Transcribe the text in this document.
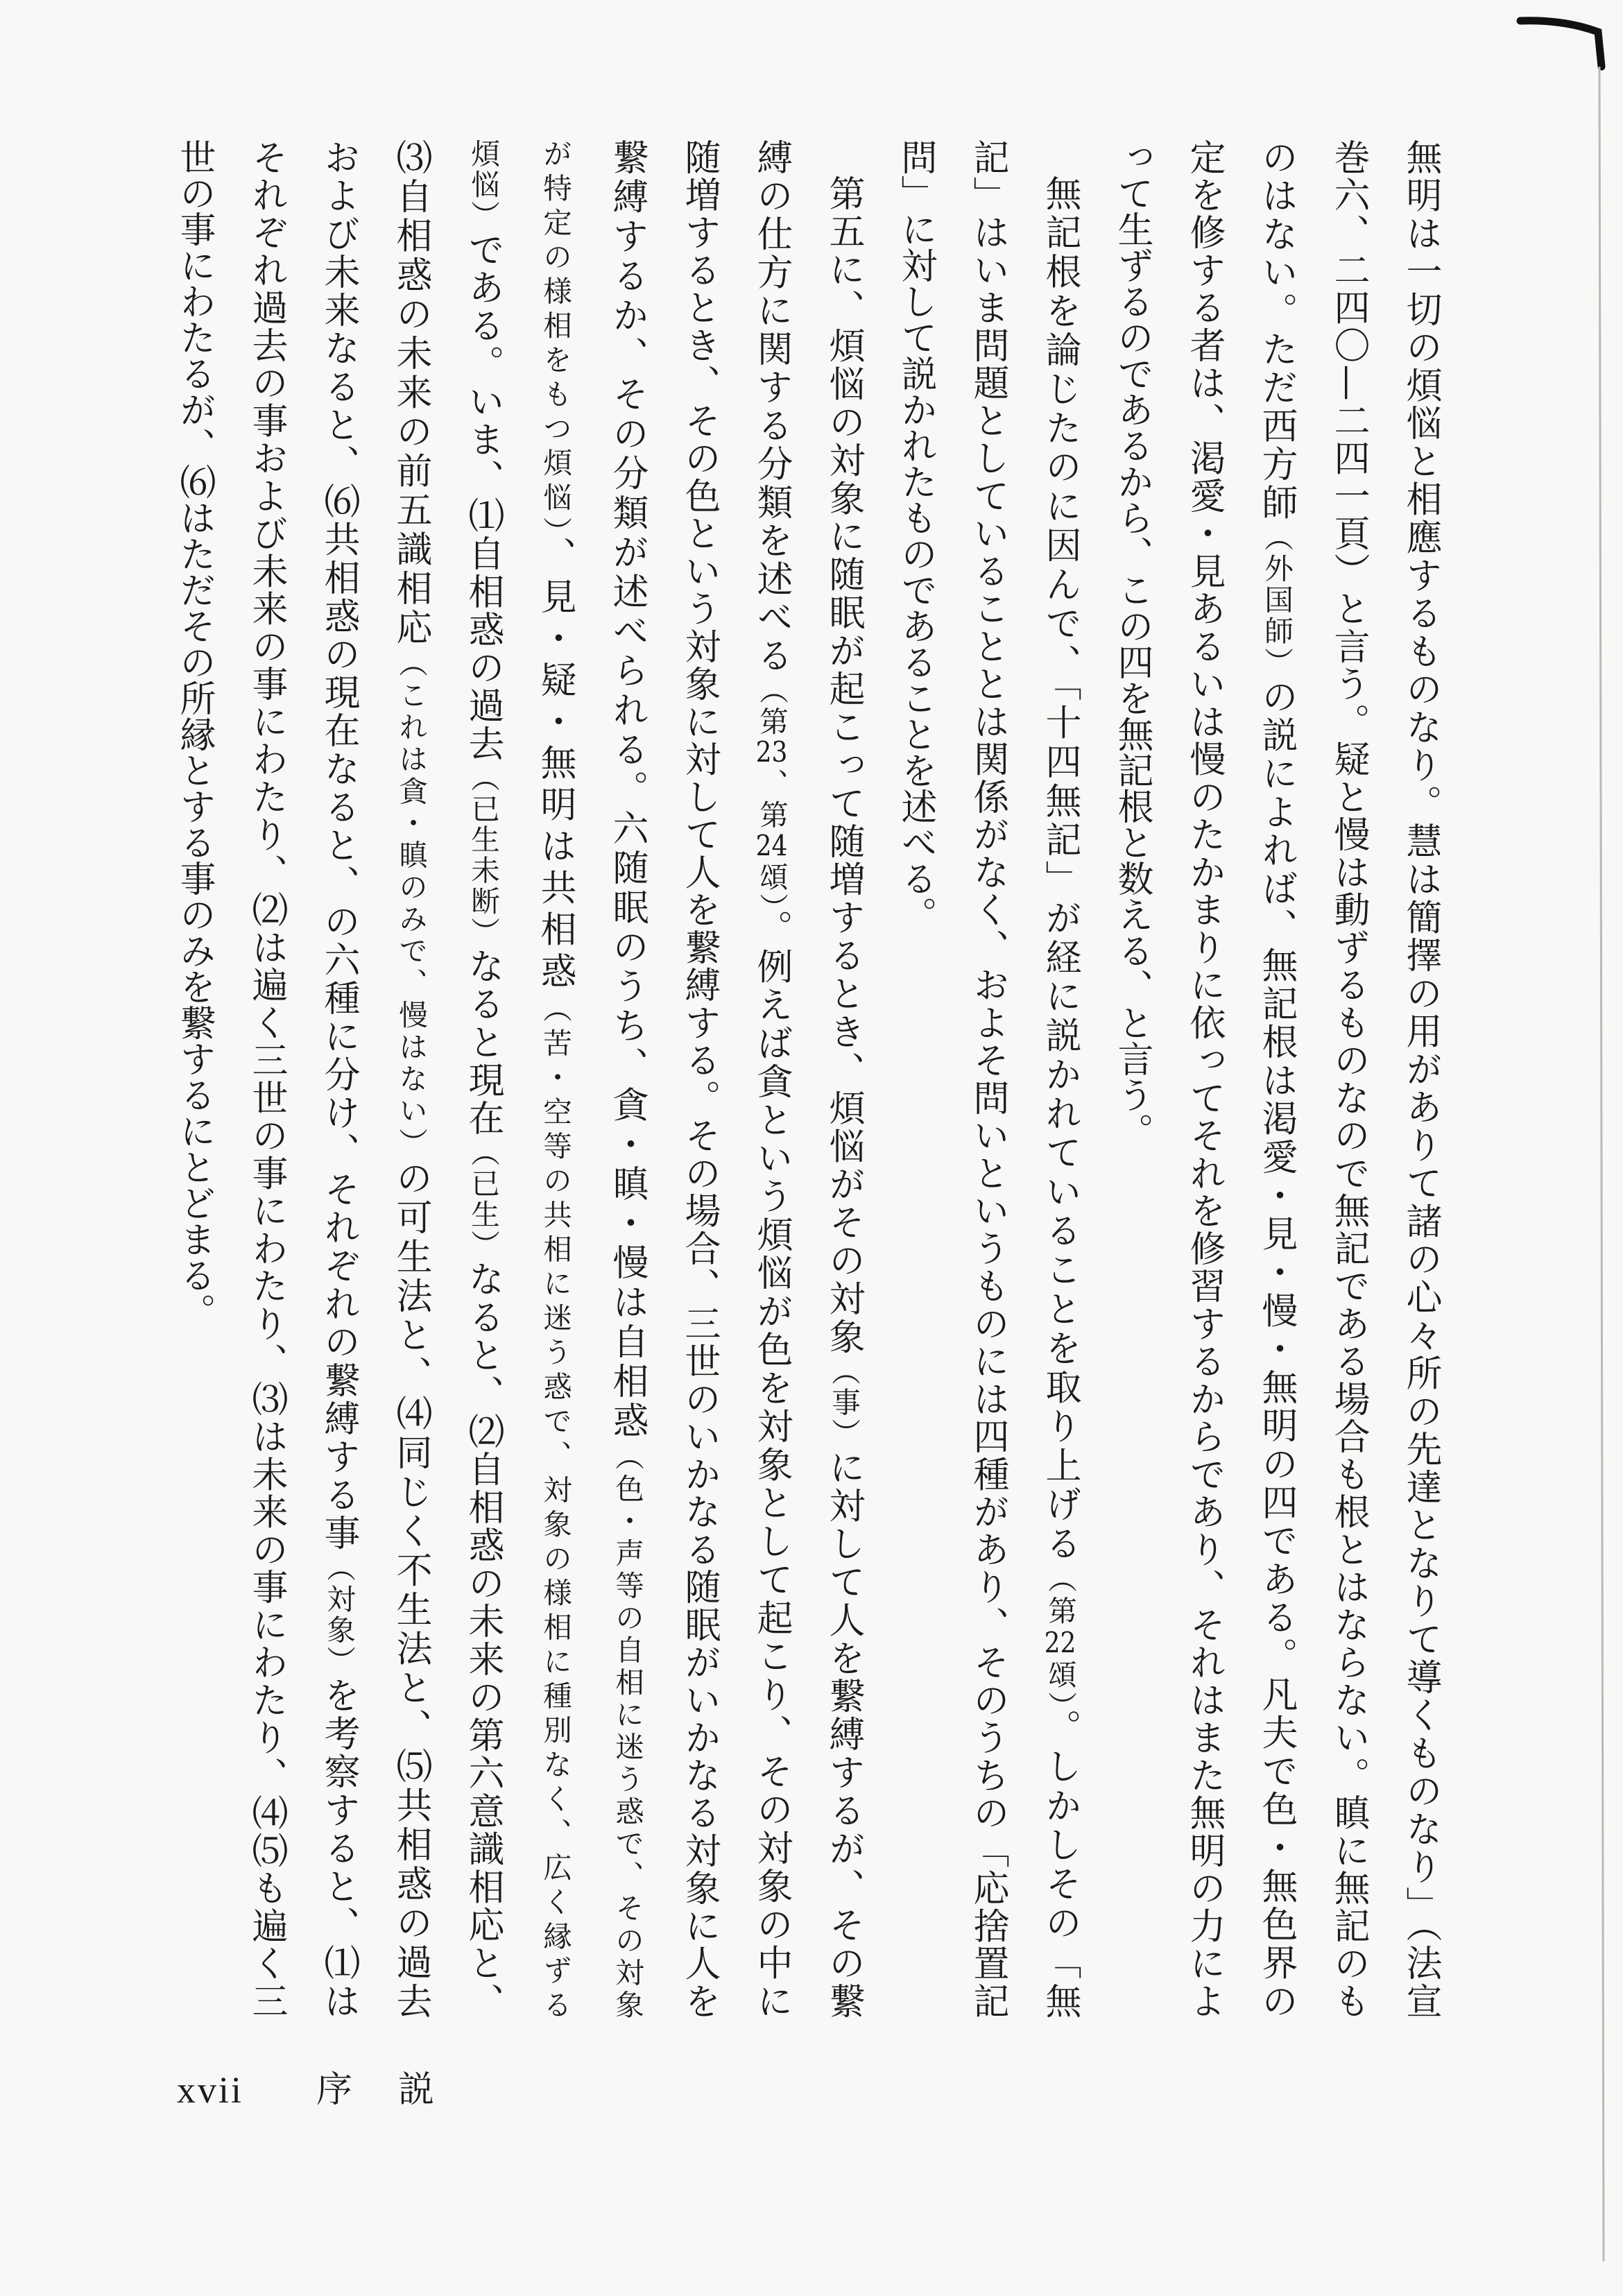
無明は一切の煩悩と相應するものなり。慧は簡擇の用がありて諸の心々所の先達となりて導くものなり」（法宣
巻六、二四〇—二四一頁）と言う。疑と慢は動ずるものなので無記である場合も根とはならない。瞋に無記のも
のはない。ただ西方師（外国師）の説によれば、無記根は渇愛・見・慢・無明の四である。凡夫で色・無色界の
定を修する者は、渇愛・見あるいは慢のたかまりに依ってそれを修習するからであり、それはまた無明の力によ
って生ずるのであるから、この四を無記根と数える、と言う。
無記根を論じたのに因んで、「十四無記」が経に説かれていることを取り上げる（第22頌）。しかしその「無
記」はいま問題としていることとは関係がなく、およそ問いというものには四種があり、そのうちの「応捨置記
問」に対して説かれたものであることを述べる。
第五に、煩悩の対象に随眠が起こって随増するとき、煩悩がその対象（事）に対して人を繋縛するが、その繋
縛の仕方に関する分類を述べる（第23、第24頌）。例えば貪という煩悩が色を対象として起こり、その対象の中に
随増するとき、その色という対象に対して人を繋縛する。その場合、三世のいかなる随眠がいかなる対象に人を
繋縛するか、その分類が述べられる。六随眠のうち、貪・瞋・慢は自相惑（色・声等の自相に迷う惑で、その対象
が特定の様相をもつ煩悩）、見・疑・無明は共相惑（苦・空等の共相に迷う惑で、対象の様相に種別なく、広く縁ずる
煩悩）である。いま、⑴自相惑の過去（已生未断）なると現在（已生）なると、⑵自相惑の未来の第六意識相応と、
⑶自相惑の未来の前五識相応（これは貪・瞋のみで、慢はない）の可生法と、⑷同じく不生法と、⑸共相惑の過去
および未来なると、⑹共相惑の現在なると、の六種に分け、それぞれの繋縛する事（対象）を考察すると、⑴は
それぞれ過去の事および未来の事にわたり、⑵は遍く三世の事にわたり、⑶は未来の事にわたり、⑷⑸も遍く三
世の事にわたるが、⑹はただその所縁とする事のみを繋するにとどまる。
xvii 序説
